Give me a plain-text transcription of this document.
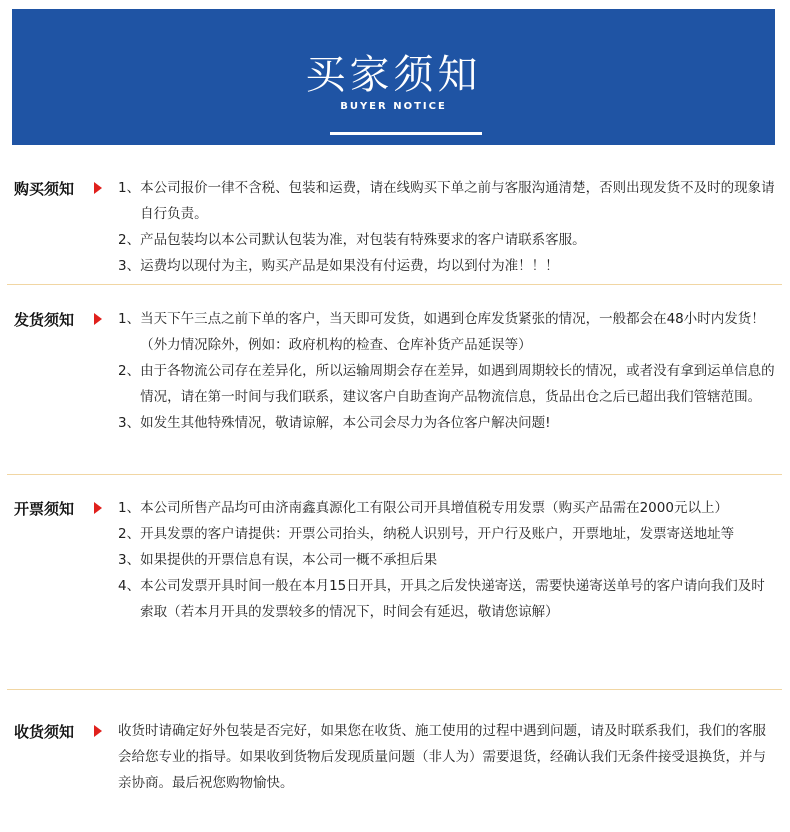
买家须知
BUYER NOTICE
购买须知	1、 本公司报价一律不含税、包装和运费，请在线购买下单之前与客服沟通清楚，否则出现发货不及时的现象请自行负责。
2、 产品包装均以本公司默认包装为准，对包装有特殊要求的客户请联系客服。
3、 运费均以现付为主，购买产品是如果没有付运费，均以到付为准！！！
发货须知	1、 当天下午三点之前下单的客户，当天即可发货，如遇到仓库发货紧张的情况，一般都会在48小时内发货！（外力情况除外，例如：政府机构的检查、仓库补货产品延误等）
2、 由于各物流公司存在差异化，所以运输周期会存在差异，如遇到周期较长的情况，或者没有拿到运单信息的情况，请在第一时间与我们联系，建议客户自助查询产品物流信息，货品出仓之后已超出我们管辖范围。
3、 如发生其他特殊情况，敬请谅解，本公司会尽力为各位客户解决问题!
开票须知	1、 本公司所售产品均可由济南鑫真源化工有限公司开具增值税专用发票（购买产品需在2000元以上）
2、 开具发票的客户请提供：开票公司抬头，纳税人识别号，开户行及账户，开票地址，发票寄送地址等
3、 如果提供的开票信息有误，本公司一概不承担后果
4、 本公司发票开具时间一般在本月15日开具，开具之后发快递寄送，需要快递寄送单号的客户请向我们及时索取（若本月开具的发票较多的情况下，时间会有延迟，敬请您谅解）
收货须知	收货时请确定好外包装是否完好，如果您在收货、施工使用的过程中遇到问题，请及时联系我们，我们的客服会给您专业的指导。如果收到货物后发现质量问题（非人为）需要退货，经确认我们无条件接受退换货，并与亲协商。最后祝您购物愉快。
